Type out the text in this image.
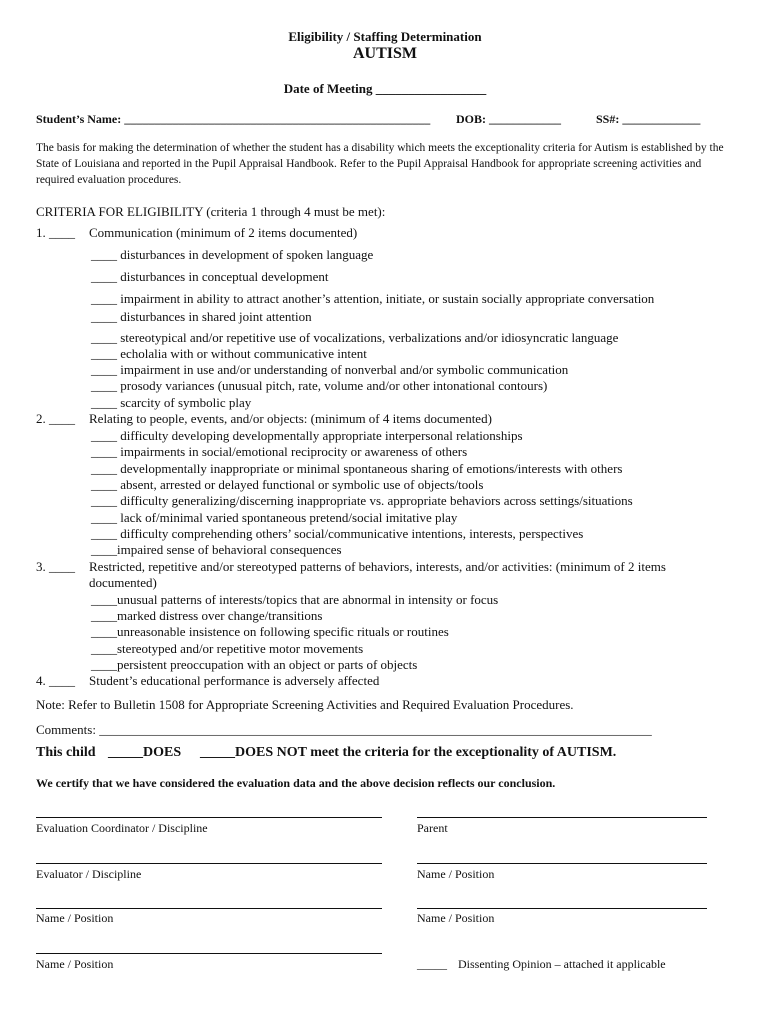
Eligibility / Staffing Determination
AUTISM
Date of Meeting _________________
Student’s Name: ___________________________________________________ DOB: ____________	SS#: _____________
The basis for making the determination of whether the student has a disability which meets the exceptionality criteria for Autism is established by the State of Louisiana and reported in the Pupil Appraisal Handbook. Refer to the Pupil Appraisal Handbook for appropriate screening activities and required evaluation procedures.
CRITERIA FOR ELIGIBILITY (criteria 1 through 4 must be met):
1. ____ Communication (minimum of 2 items documented)
____ disturbances in development of spoken language
____ disturbances in conceptual development
____ impairment in ability to attract another’s attention, initiate, or sustain socially appropriate conversation
____ disturbances in shared joint attention
____ stereotypical and/or repetitive use of vocalizations, verbalizations and/or idiosyncratic language
____ echolalia with or without communicative intent
____ impairment in use and/or understanding of nonverbal and/or symbolic communication
____ prosody variances (unusual pitch, rate, volume and/or other intonational contours)
____ scarcity of symbolic play
2. ____ Relating to people, events, and/or objects: (minimum of 4 items documented)
____ difficulty developing developmentally appropriate interpersonal relationships
____ impairments in social/emotional reciprocity or awareness of others
____ developmentally inappropriate or minimal spontaneous sharing of emotions/interests with others
____ absent, arrested or delayed functional or symbolic use of objects/tools
____ difficulty generalizing/discerning inappropriate vs. appropriate behaviors across settings/situations
____ lack of/minimal varied spontaneous pretend/social imitative play
____ difficulty comprehending others’ social/communicative intentions, interests, perspectives
____impaired sense of behavioral consequences
3. ____ Restricted, repetitive and/or stereotyped patterns of behaviors, interests, and/or activities: (minimum of 2 items
documented)
____unusual patterns of interests/topics that are abnormal in intensity or focus
____marked distress over change/transitions
____unreasonable insistence on following specific rituals or routines
____stereotyped and/or repetitive motor movements
____persistent preoccupation with an object or parts of objects
4. ____ Student’s educational performance is adversely affected
Note: Refer to Bulletin 1508 for Appropriate Screening Activities and Required Evaluation Procedures.
Comments: _____________________________________________________________________________________
This child _____DOES _____DOES NOT meet the criteria for the exceptionality of AUTISM.
We certify that we have considered the evaluation data and the above decision reflects our conclusion.
Evaluation Coordinator / Discipline	Parent
Evaluator / Discipline	Name / Position
Name / Position	Name / Position
Name / Position	_____ Dissenting Opinion – attached it applicable
